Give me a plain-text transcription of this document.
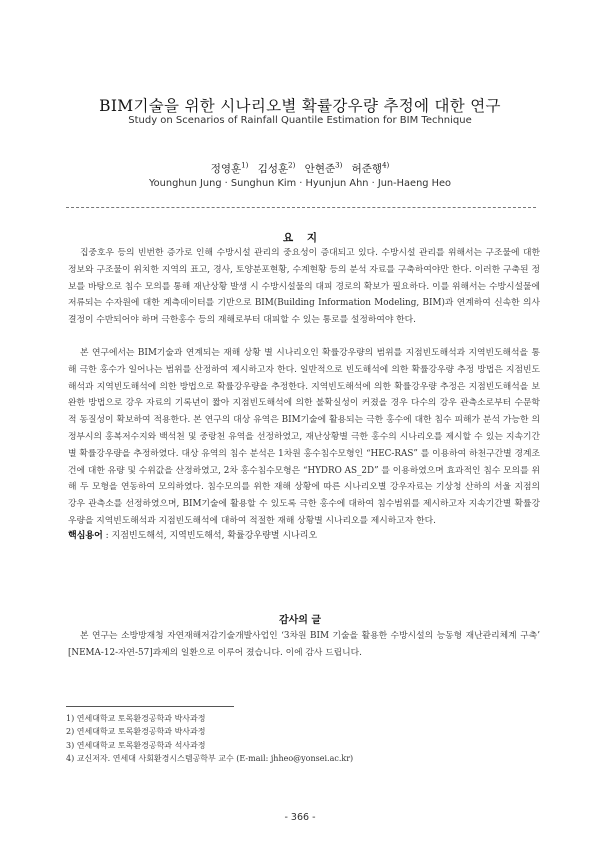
BIM기술을 위한 시나리오별 확률강우량 추정에 대한 연구
Study on Scenarios of Rainfall Quantile Estimation for BIM Technique
정영훈$^{1)}$ 김성훈$^{2)}$ 안현준$^{3)}$ 허준행$^{4)}$
Younghun Jung · Sunghun Kim · Hyunjun Ahn · Jun-Haeng Heo
요 지
집중호우 등의 빈번한 증가로 인해 수방시설 관리의 중요성이 증대되고 있다. 수방시설 관리를 위해서는 구조물에 대한 정보와 구조물이 위치한 지역의 표고, 경사, 토양분포현황, 수계현황 등의 분석 자료를 구축하여야만 한다. 이러한 구축된 정보를 바탕으로 침수 모의를 통해 재난상황 발생 시 수방시설물의 대피 경로의 확보가 필요하다. 이를 위해서는 수방시설물에 저류되는 수자원에 대한 계측데이터를 기반으로 BIM(Building Information Modeling, BIM)과 연계하여 신속한 의사결정이 수반되어야 하며 극한홍수 등의 재해로부터 대피할 수 있는 통로를 설정하여야 한다.
본 연구에서는 BIM기술과 연계되는 재해 상황 별 시나리오인 확률강우량의 범위를 지점빈도해석과 지역빈도해석을 통해 극한 홍수가 일어나는 범위를 산정하여 제시하고자 한다. 일반적으로 빈도해석에 의한 확률강우량 추정 방법은 지점빈도해석과 지역빈도해석에 의한 방법으로 확률강우량을 추정한다. 지역빈도해석에 의한 확률강우량 추정은 지점빈도해석을 보완한 방법으로 강우 자료의 기록년이 짧아 지점빈도해석에 의한 불확실성이 커졌을 경우 다수의 강우 관측소로부터 수문학적 동질성이 확보하여 적용한다. 본 연구의 대상 유역은 BIM기술에 활용되는 극한 홍수에 대한 침수 피해가 분석 가능한 의정부시의 홍복저수지와 백석천 및 중랑천 유역을 선정하였고, 재난상황별 극한 홍수의 시나리오를 제시할 수 있는 지속기간별 확률강우량을 추정하였다. 대상 유역의 침수 분석은 1차원 홍수침수모형인 “HEC-RAS” 를 이용하여 하천구간별 경계조건에 대한 유량 및 수위값을 산정하였고, 2차 홍수침수모형은 “HYDRO AS_2D” 를 이용하였으며 효과적인 침수 모의를 위해 두 모형을 연동하여 모의하였다. 침수모의를 위한 재해 상황에 따른 시나리오별 강우자료는 기상청 산하의 서울 지점의 강우 관측소를 선정하였으며, BIM기술에 활용할 수 있도록 극한 홍수에 대하여 침수범위를 제시하고자 지속기간별 확률강우량을 지역빈도해석과 지점빈도해석에 대하여 적절한 재해 상황별 시나리오를 제시하고자 한다.
핵심용어 : 지점빈도해석, 지역빈도해석, 확률강우량별 시나리오
감사의 글
본 연구는 소방방재청 자연재해저감기술개발사업인 ‘3차원 BIM 기술을 활용한 수방시설의 능동형 재난관리체계 구축’ [NEMA-12-자연-57]과제의 일환으로 이루어 졌습니다. 이에 감사 드립니다.
1) 연세대학교 토목환경공학과 박사과정
2) 연세대학교 토목환경공학과 박사과정
3) 연세대학교 토목환경공학과 석사과정
4) 교신저자. 연세대 사회환경시스템공학부 교수 (E-mail: jhheo@yonsei.ac.kr)
- 366 -
